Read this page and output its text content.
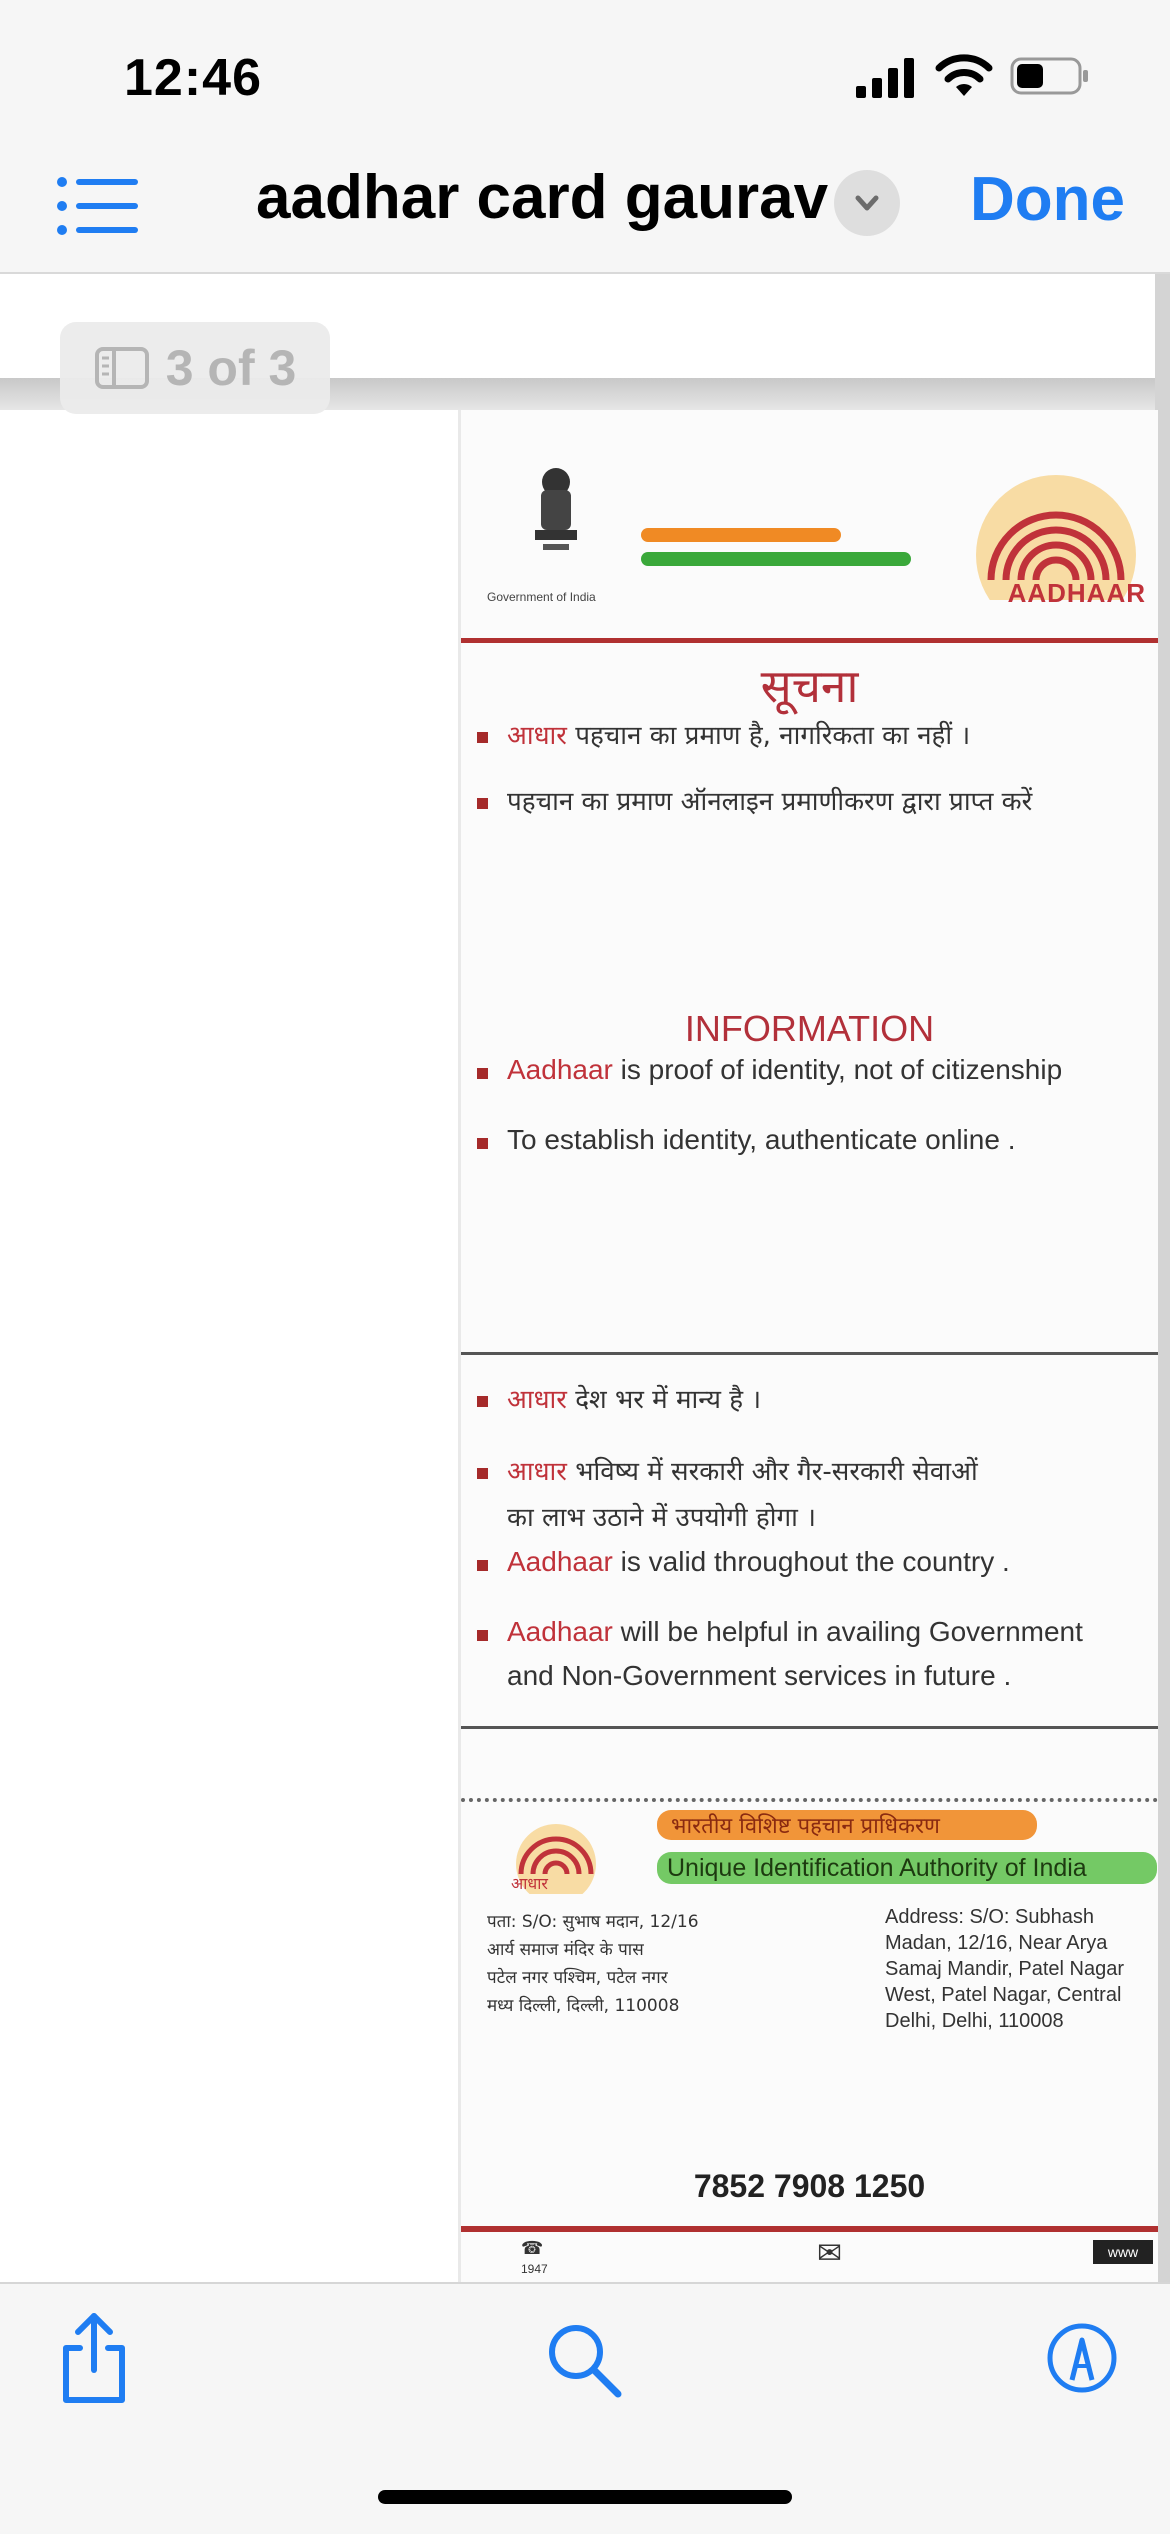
12:46
aadhar card gaurav Done
Government of India	AADHAAR
सूचना
आधार पहचान का प्रमाण है, नागरिकता का नहीं ।
पहचान का प्रमाण ऑनलाइन प्रमाणीकरण द्वारा प्राप्त करें
INFORMATION
Aadhaar is proof of identity, not of citizenship
To establish identity, authenticate online .
आधार देश भर में मान्य है ।
आधार भविष्य में सरकारी और गैर-सरकारी सेवाओं
का लाभ उठाने में उपयोगी होगा ।
Aadhaar is valid throughout the country .
Aadhaar will be helpful in availing Government
and Non-Government services in future .
आधार
भारतीय विशिष्ट पहचान प्राधिकरण
Unique Identification Authority of India
पता: S/O: सुभाष मदान, 12/16
आर्य समाज मंदिर के पास
पटेल नगर पश्चिम, पटेल नगर
मध्य दिल्ली, दिल्ली, 110008
Address: S/O: Subhash
Madan, 12/16, Near Arya
Samaj Mandir, Patel Nagar
West, Patel Nagar, Central
Delhi, Delhi, 110008
7852 7908 1250
☎
1947	✉	www
3 of 3
